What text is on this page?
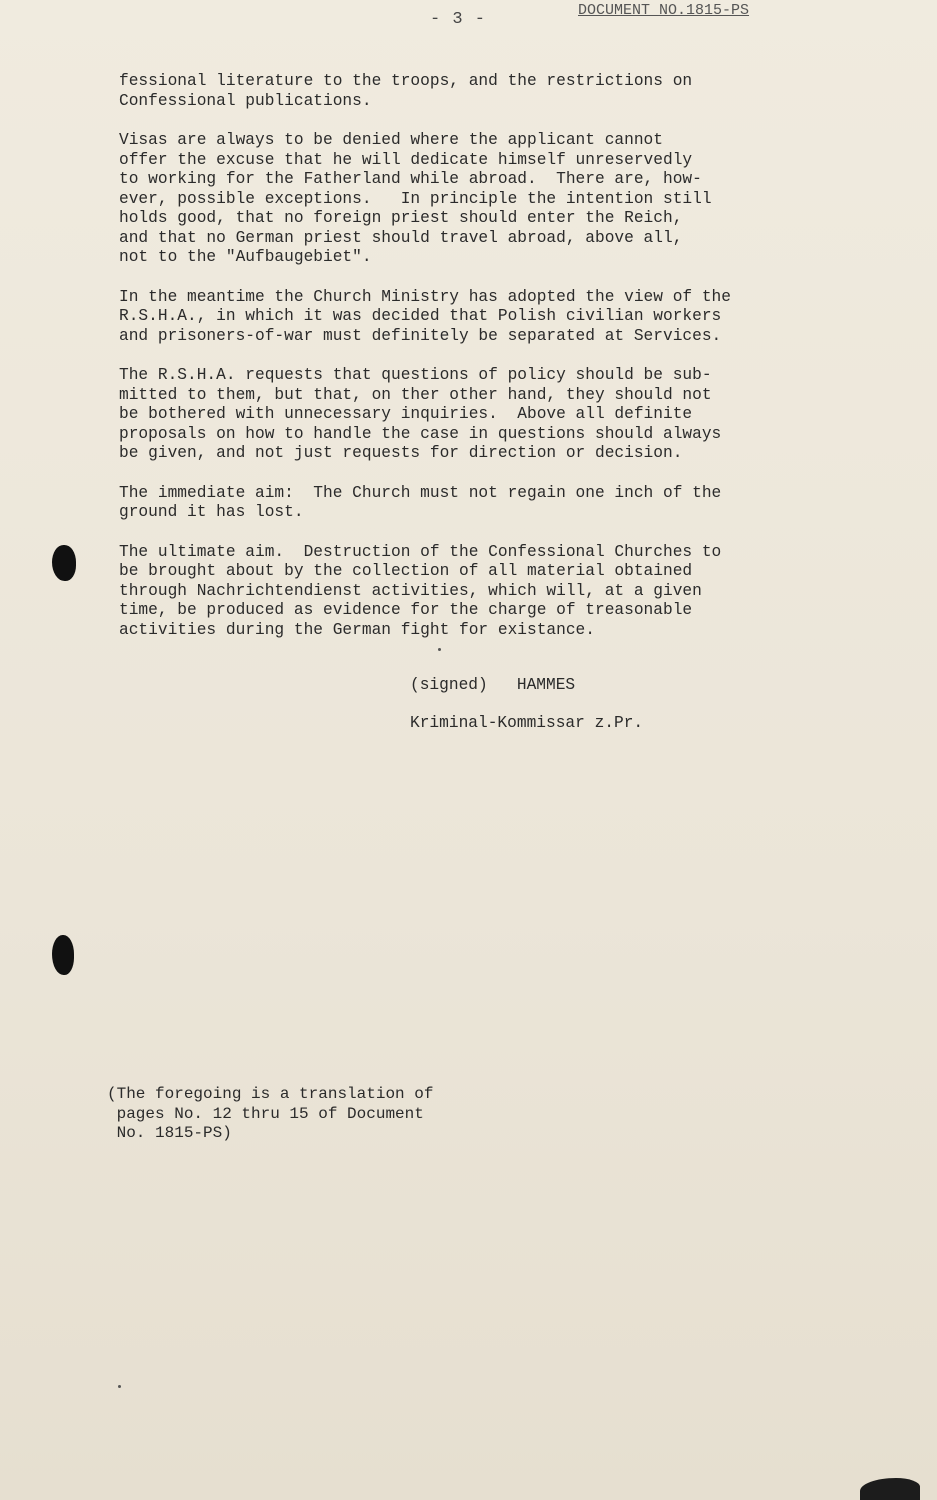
- 3 -	DOCUMENT NO.1815-PS

fessional literature to the troops, and the restrictions on
Confessional publications.

Visas are always to be denied where the applicant cannot
offer the excuse that he will dedicate himself unreservedly
to working for the Fatherland while abroad.  There are, how-
ever, possible exceptions.   In principle the intention still
holds good, that no foreign priest should enter the Reich,
and that no German priest should travel abroad, above all,
not to the "Aufbaugebiet".

In the meantime the Church Ministry has adopted the view of the
R.S.H.A., in which it was decided that Polish civilian workers
and prisoners-of-war must definitely be separated at Services.

The R.S.H.A. requests that questions of policy should be sub-
mitted to them, but that, on ther other hand, they should not
be bothered with unnecessary inquiries.  Above all definite
proposals on how to handle the case in questions should always
be given, and not just requests for direction or decision.

The immediate aim:  The Church must not regain one inch of the
ground it has lost.

The ultimate aim.  Destruction of the Confessional Churches to
be brought about by the collection of all material obtained
through Nachrichtendienst activities, which will, at a given
time, be produced as evidence for the charge of treasonable
activities during the German fight for existance.

(signed)   HAMMES
Kriminal-Kommissar z.Pr.
(The foregoing is a translation of
pages No. 12 thru 15 of Document
No. 1815-PS)
